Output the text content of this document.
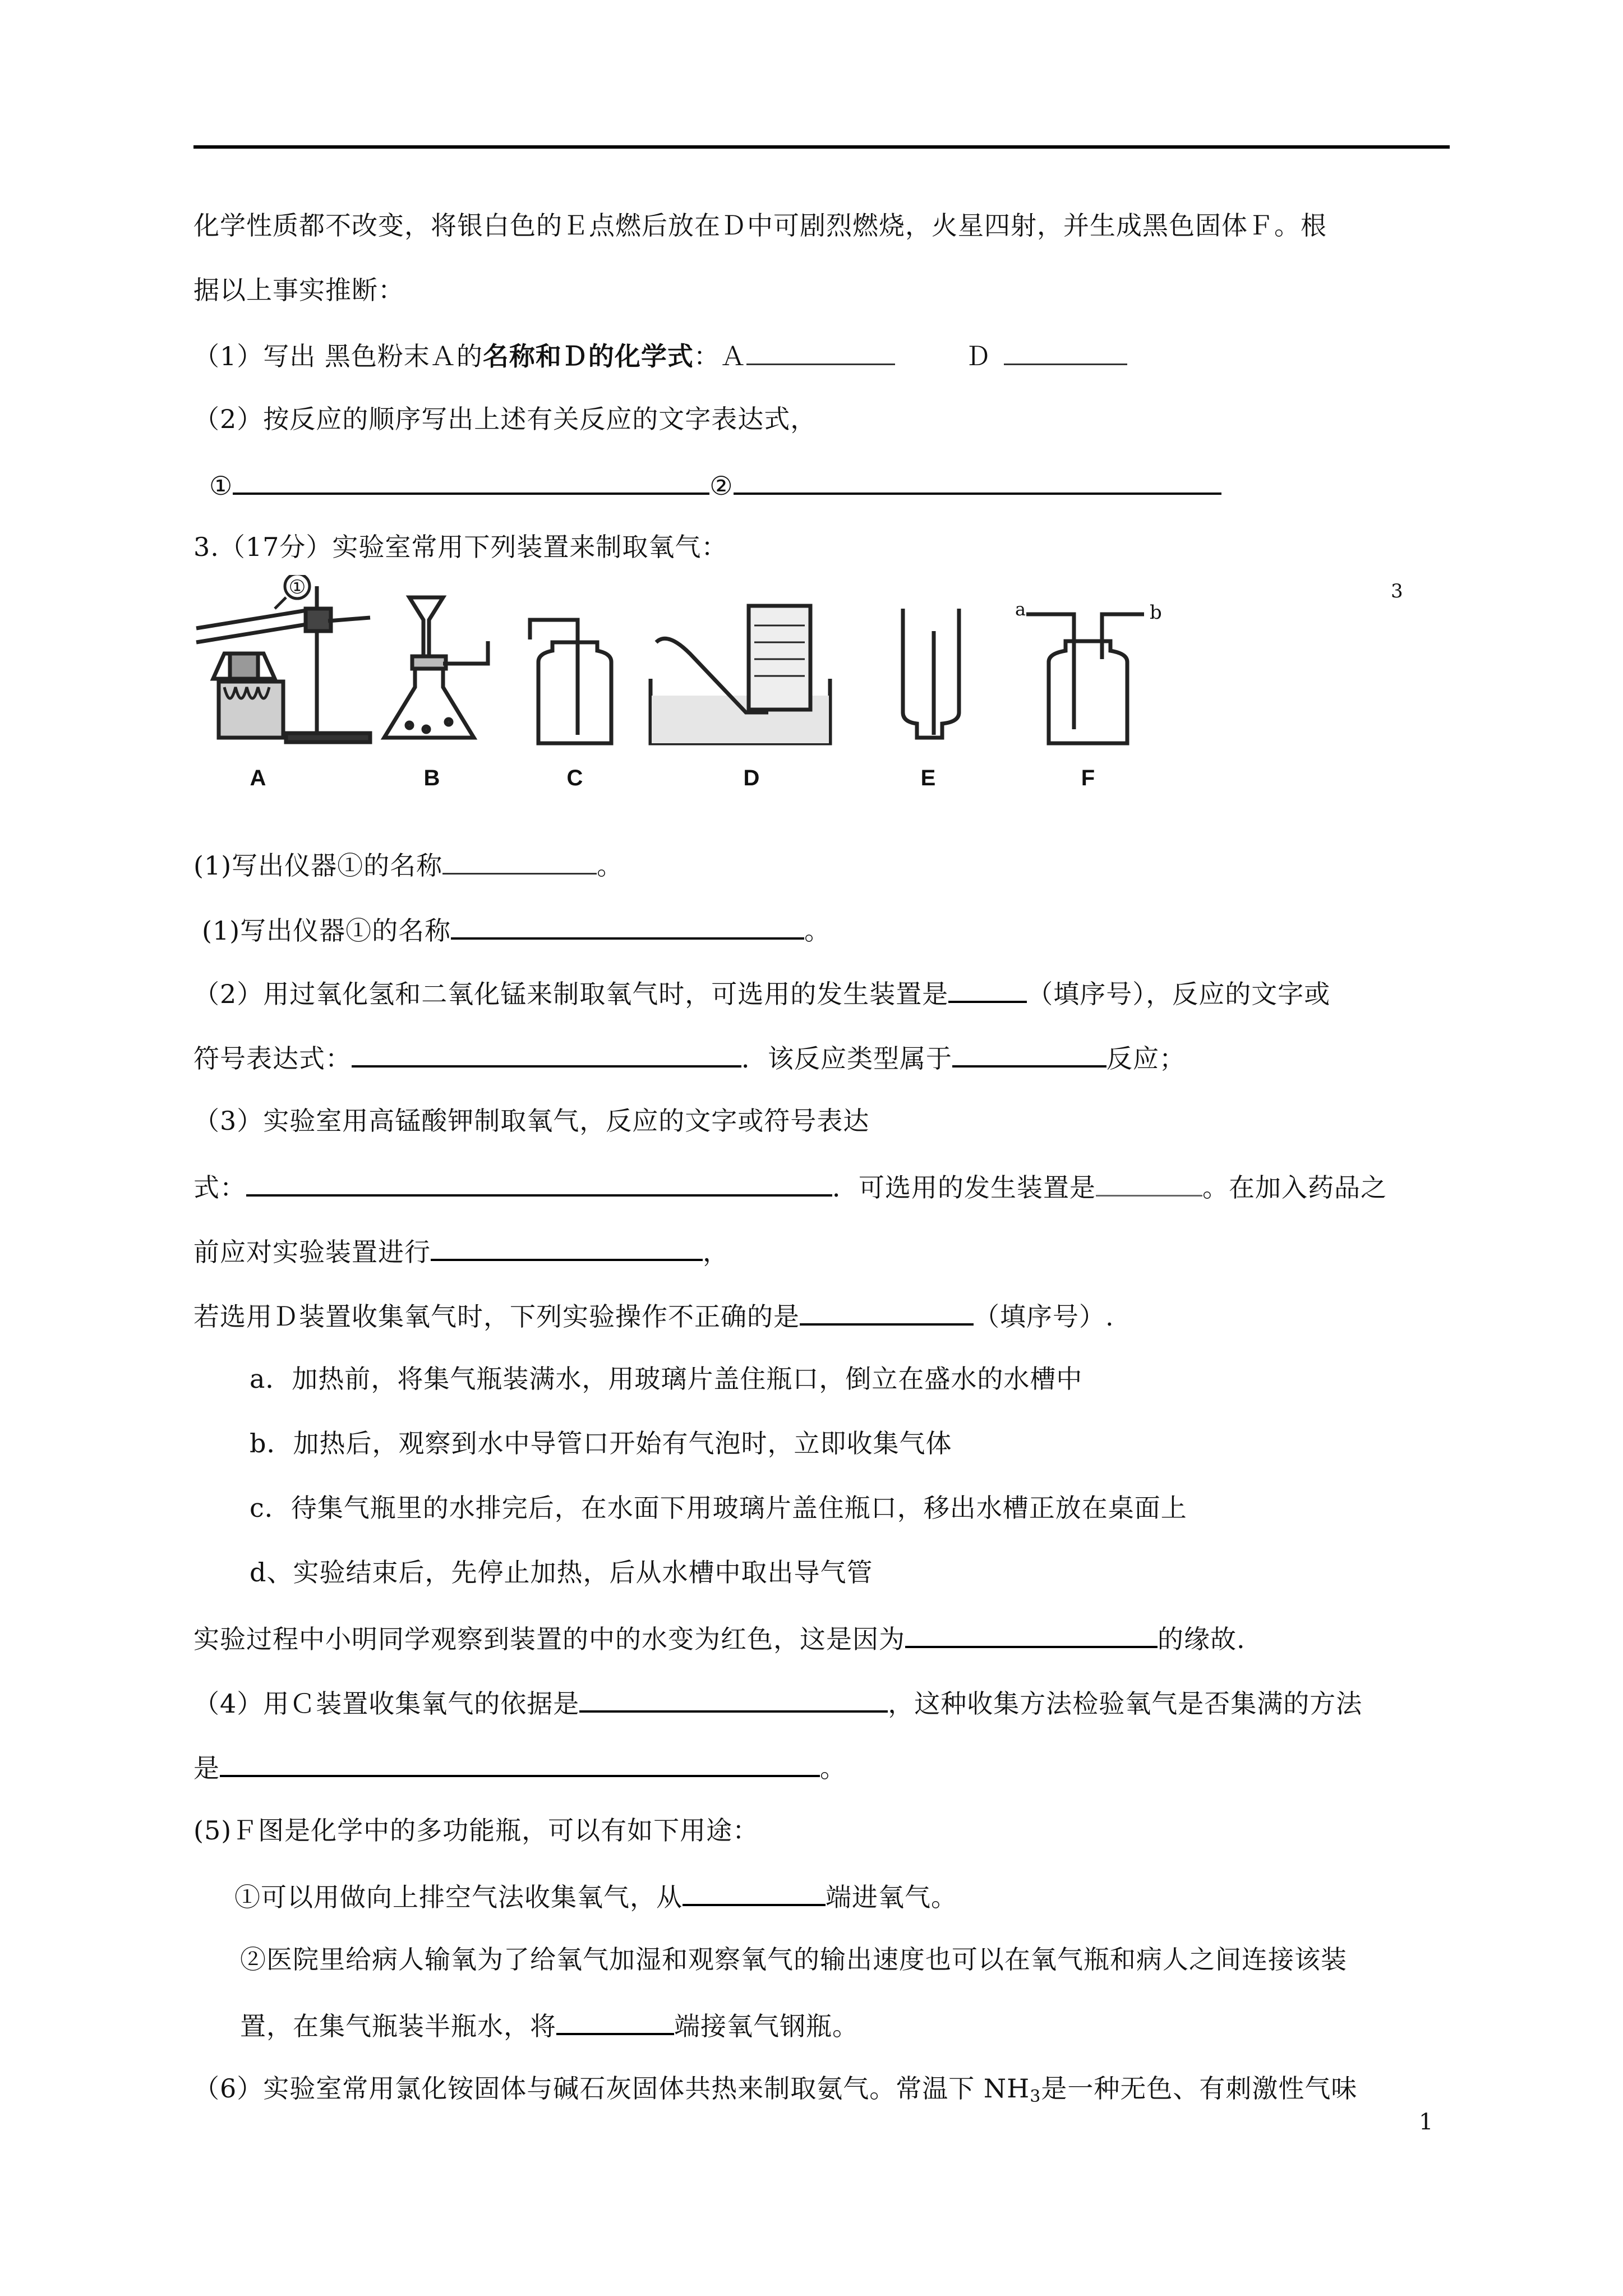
化学性质都不改变，将银白色的Ｅ点燃后放在Ｄ中可剧烈燃烧，火星四射，并生成黑色固体Ｆ。根
据以上事实推断：
（1）写出 黑色粉末Ａ的名称和Ｄ的化学式：Ａ	Ｄ
（2）按反应的顺序写出上述有关反应的文字表达式，
①	②
3.（17分）实验室常用下列装置来制取氧气：
①
a	b
3
A	B	C	D	E	F
(1)写出仪器①的名称	。
(1)写出仪器①的名称	。
（2）用过氧化氢和二氧化锰来制取氧气时，可选用的发生装置是	（填序号），反应的文字或
符号表达式：	．该反应类型属于	反应；
（3）实验室用高锰酸钾制取氧气，反应的文字或符号表达
式：	．可选用的发生装置是	。在加入药品之
前应对实验装置进行	，
若选用Ｄ装置收集氧气时，下列实验操作不正确的是	（填序号）.
a．加热前，将集气瓶装满水，用玻璃片盖住瓶口，倒立在盛水的水槽中
b．加热后，观察到水中导管口开始有气泡时，立即收集气体
c．待集气瓶里的水排完后，在水面下用玻璃片盖住瓶口，移出水槽正放在桌面上
d、实验结束后，先停止加热，后从水槽中取出导气管
实验过程中小明同学观察到装置的中的水变为红色，这是因为	的缘故.
（4）用Ｃ装置收集氧气的依据是	，这种收集方法检验氧气是否集满的方法
是	。
(5)Ｆ图是化学中的多功能瓶，可以有如下用途：
①可以用做向上排空气法收集氧气，从	端进氧气。
②医院里给病人输氧为了给氧气加湿和观察氧气的输出速度也可以在氧气瓶和病人之间连接该装
置，在集气瓶装半瓶水，将	端接氧气钢瓶。
（6）实验室常用氯化铵固体与碱石灰固体共热来制取氨气。常温下 $NH_3$是一种无色、有刺激性气味
1
